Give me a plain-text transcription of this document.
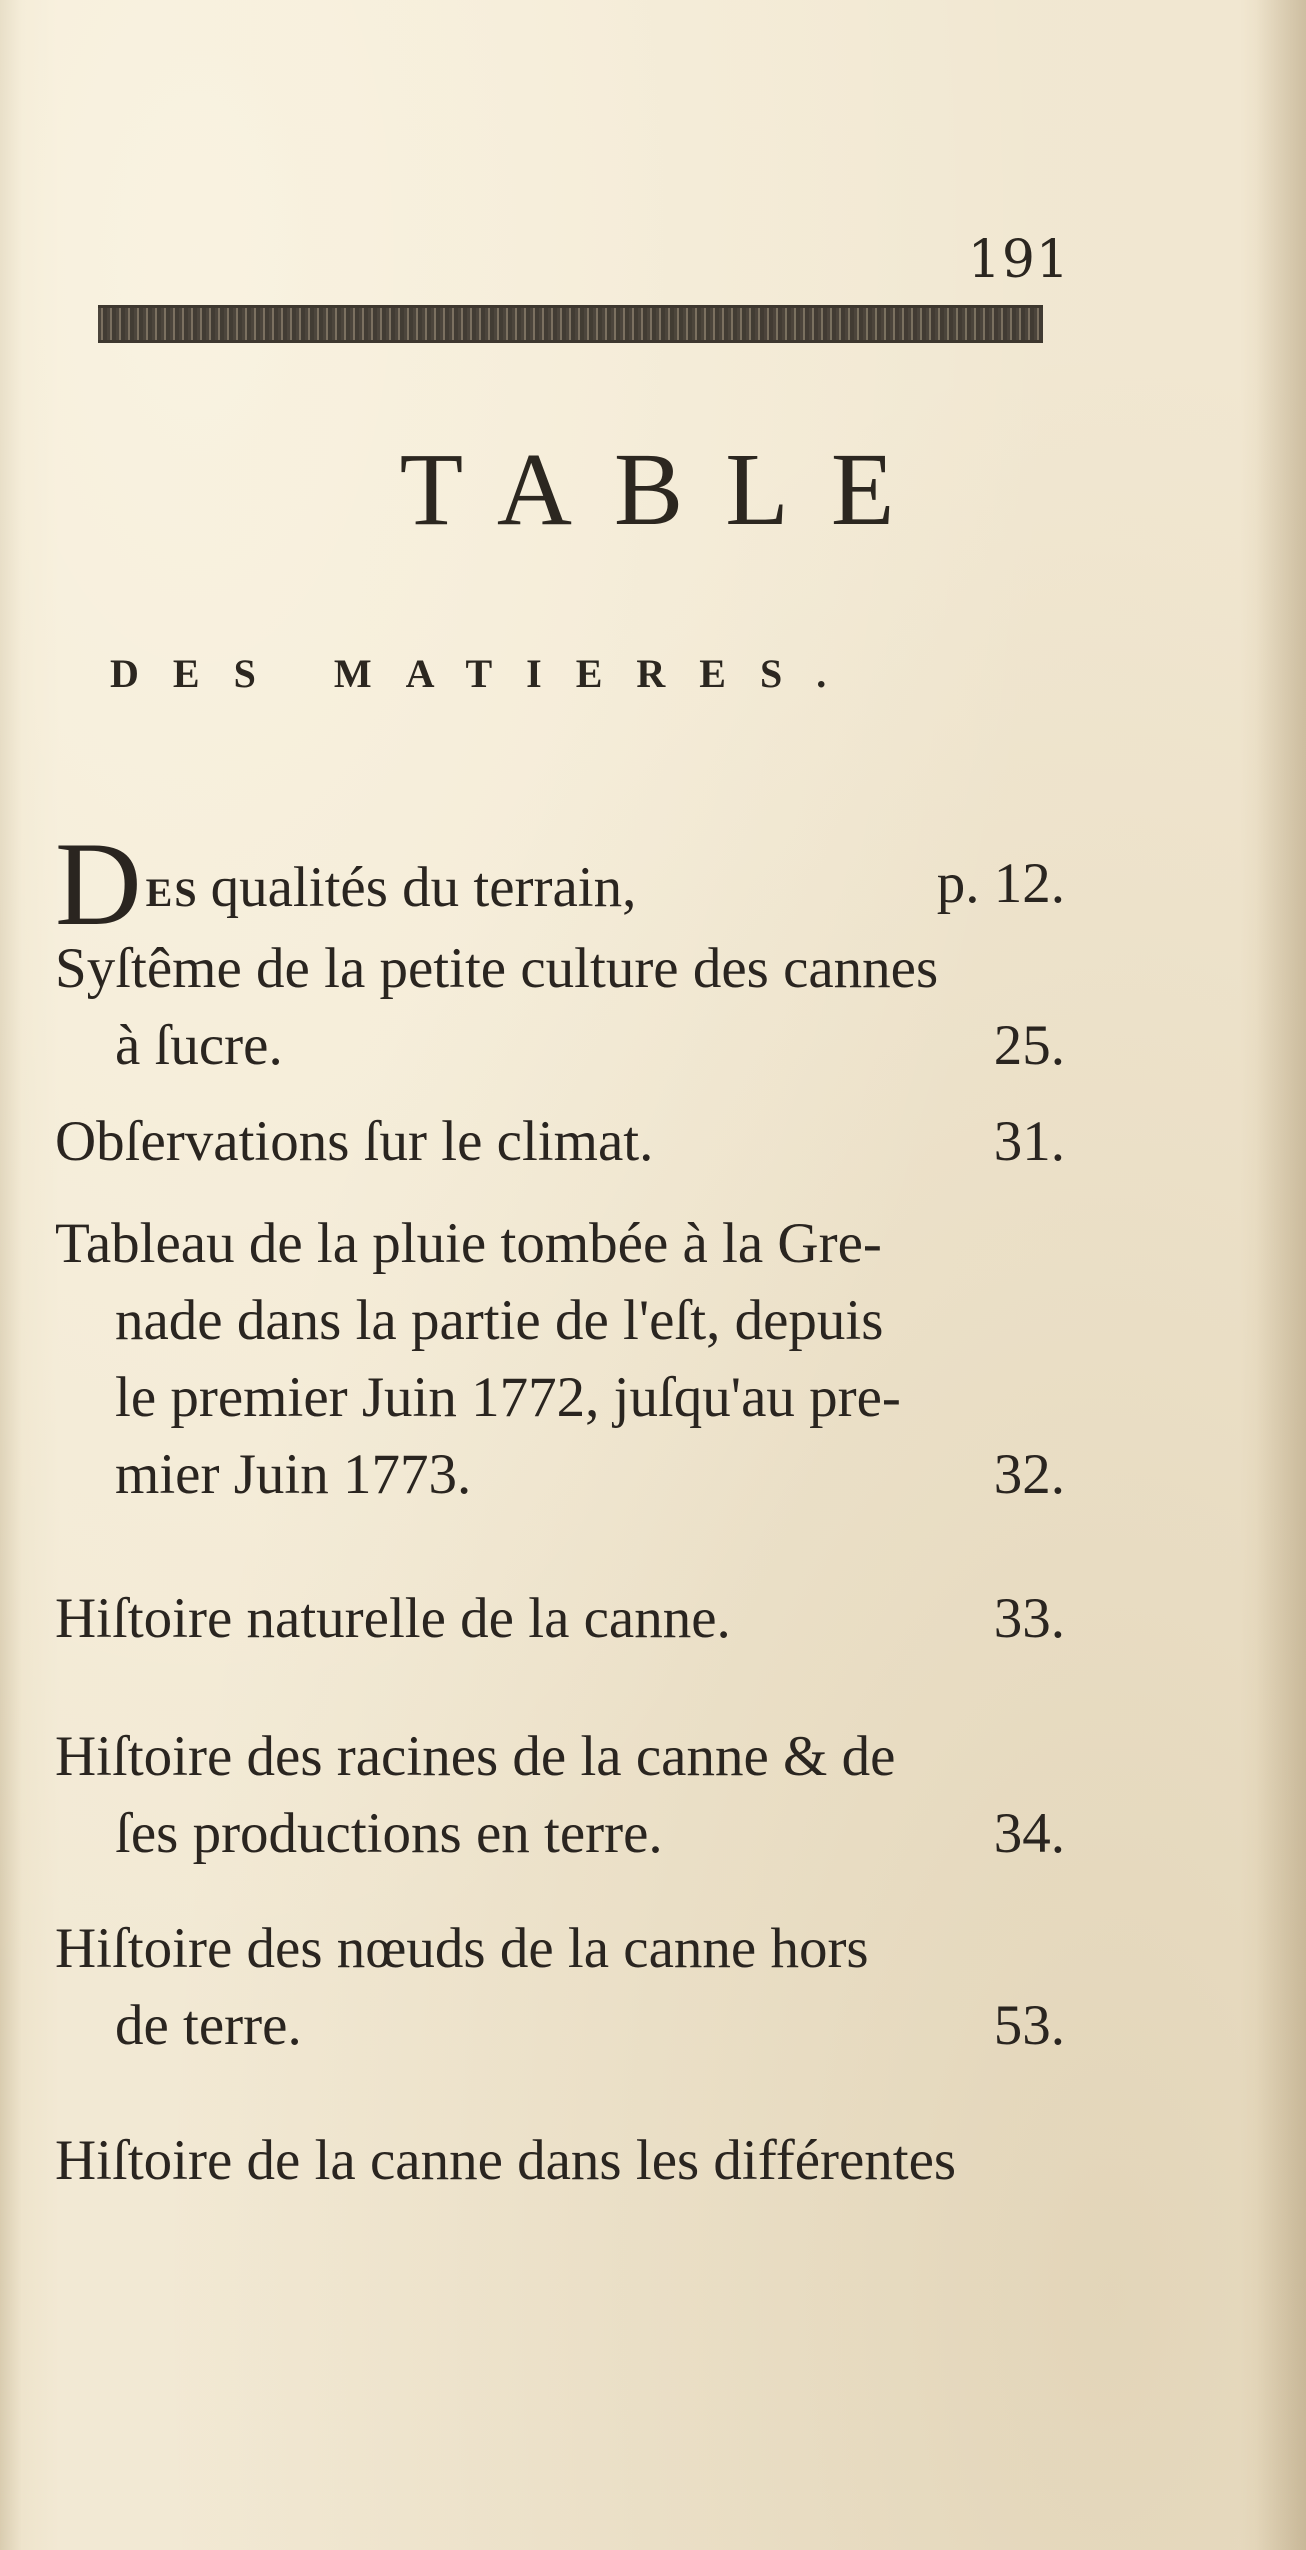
191
TABLE
DES MATIERES.
DES qualités du terrain,	p. 12.
Syſtême de la petite culture des cannes
à ſucre.	25.
Obſervations ſur le climat.	31.
Tableau de la pluie tombée à la Gre-
nade dans la partie de l'eſt, depuis
le premier Juin 1772, juſqu'au pre-
mier Juin 1773.	32.
Hiſtoire naturelle de la canne.	33.
Hiſtoire des racines de la canne & de
ſes productions en terre.	34.
Hiſtoire des nœuds de la canne hors
de terre.	53.
Hiſtoire de la canne dans les différentes
